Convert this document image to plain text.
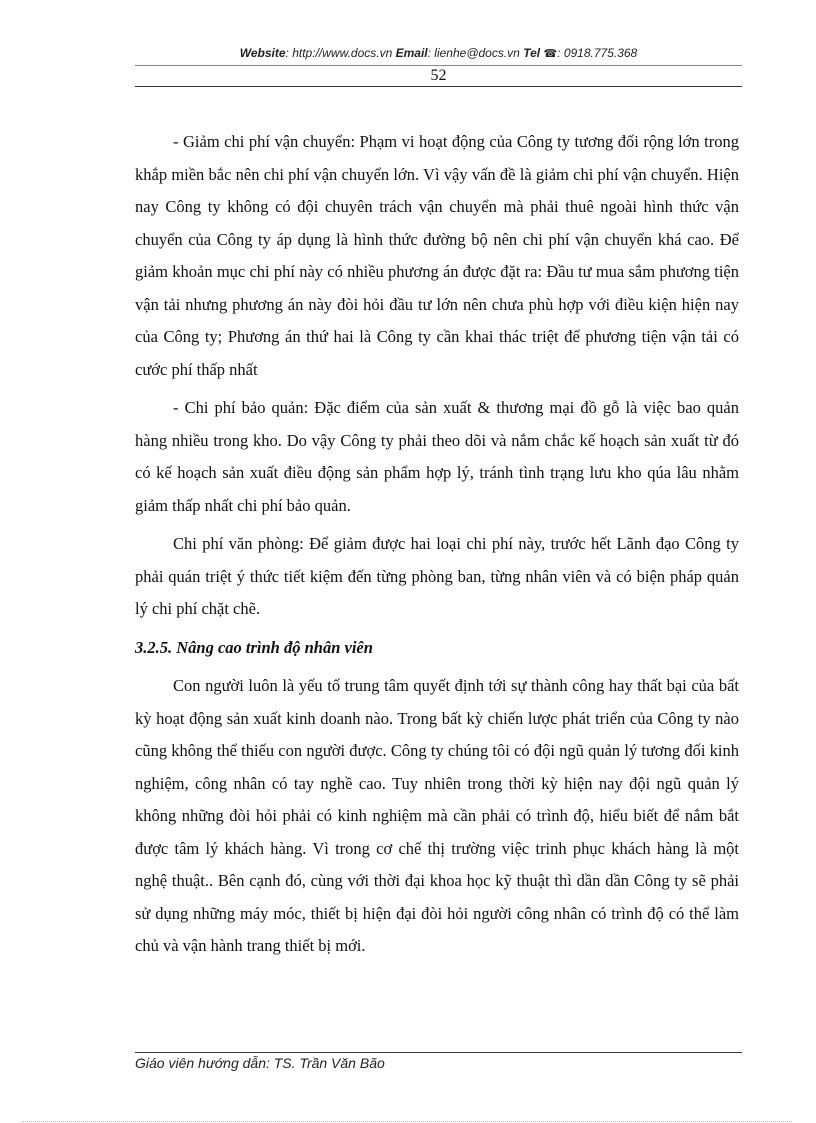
Website: http://www.docs.vn Email: lienhe@docs.vn Tel ☎: 0918.775.368
52

- Giảm chi phí vận chuyển: Phạm vi hoạt động của Công ty tương đối rộng lớn trong khắp miền bắc nên chi phí vận chuyển lớn. Vì vậy vấn đề là giảm chi phí vận chuyển. Hiện nay Công ty không có đội chuyên trách vận chuyển mà phải thuê ngoài hình thức vận chuyển của Công ty áp dụng là hình thức đường bộ nên chi phí vận chuyển khá cao. Để giảm khoản mục chi phí này có nhiều phương án được đặt ra: Đầu tư mua sắm phương tiện vận tải nhưng phương án này đòi hỏi đầu tư lớn nên chưa phù hợp với điều kiện hiện nay của Công ty; Phương án thứ hai là Công ty cần khai thác triệt để phương tiện vận tải có cước phí thấp nhất

- Chi phí bảo quản: Đặc điểm của sản xuất & thương mại đồ gỗ là việc bao quản hàng nhiều trong kho. Do vậy Công ty phải theo dõi và nắm chắc kế hoạch sản xuất từ đó có kế hoạch sản xuất điều động sản phẩm hợp lý, tránh tình trạng lưu kho qúa lâu nhằm giảm thấp nhất chi phí bảo quản.

Chi phí văn phòng: Để giảm được hai loại chi phí này, trước hết Lãnh đạo Công ty phải quán triệt ý thức tiết kiệm đến từng phòng ban, từng nhân viên và có biện pháp quản lý chi phí chặt chẽ.

3.2.5. Nâng cao trình độ nhân viên

Con người luôn là yếu tố trung tâm quyết định tới sự thành công hay thất bại của bất kỳ hoạt động sản xuất kinh doanh nào. Trong bất kỳ chiến lược phát triển của Công ty nào cũng không thể thiếu con người được. Công ty chúng tôi có đội ngũ quản lý tương đối kinh nghiệm, công nhân có tay nghề cao. Tuy nhiên trong thời kỳ hiện nay đội ngũ quản lý không những đòi hỏi phải có kinh nghiệm mà cần phải có trình độ, hiểu biết để nắm bắt được tâm lý khách hàng. Vì trong cơ chế thị trường việc trinh phục khách hàng là một nghệ thuật.. Bên cạnh đó, cùng với thời đại khoa học kỹ thuật thì dần dần Công ty sẽ phải sử dụng những máy móc, thiết bị hiện đại đòi hỏi người công nhân có trình độ có thể làm chủ và vận hành trang thiết bị mới.

Giáo viên hướng dẫn: TS. Trần Văn Bão
